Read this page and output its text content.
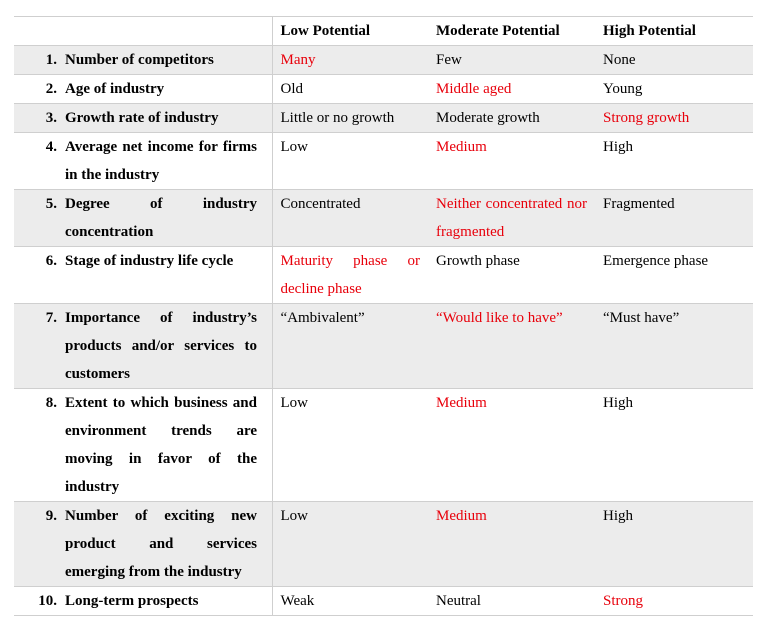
	Low Potential	Moderate Potential	High Potential
1. Number of competitors	Many	Few	None
2. Age of industry	Old	Middle aged	Young
3. Growth rate of industry	Little or no growth	Moderate growth	Strong growth
4. Average net income for firms in the industry	Low	Medium	High
5. Degree of industry concentration	Concentrated	Neither concentrated nor fragmented	Fragmented
6. Stage of industry life cycle	Maturity phase or decline phase	Growth phase	Emergence phase
7. Importance of industry’s products and/or services to customers	“Ambivalent”	“Would like to have”	“Must have”
8. Extent to which business and environment trends are moving in favor of the industry	Low	Medium	High
9. Number of exciting new product and services emerging from the industry	Low	Medium	High
10. Long-term prospects	Weak	Neutral	Strong
